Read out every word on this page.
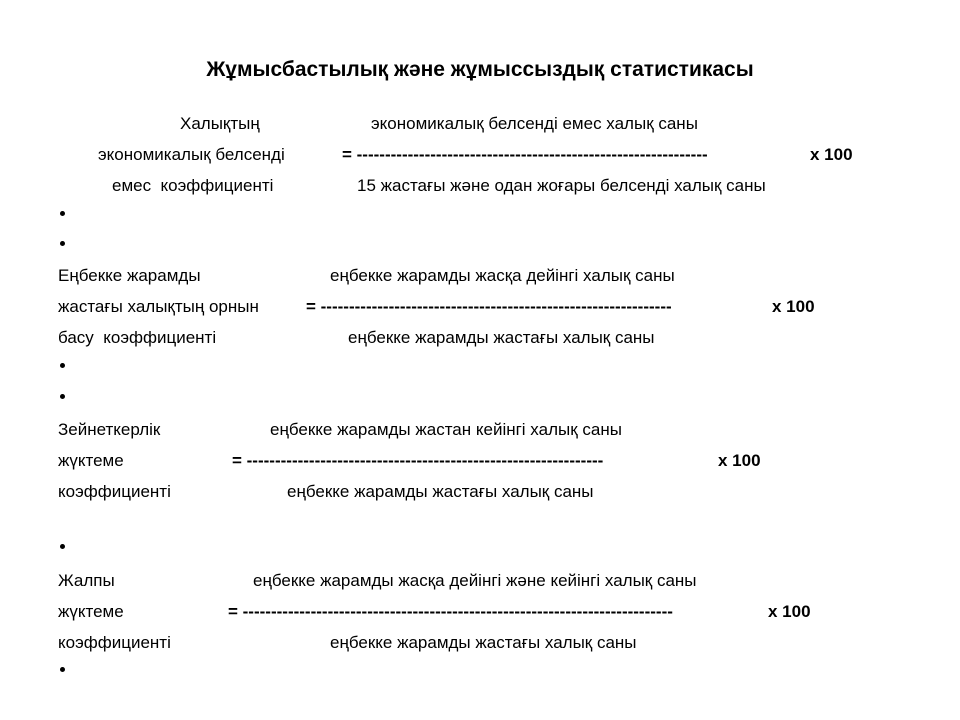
Жұмысбастылық және жұмыссыздық статистикасы
Халықтың	экономикалық белсенді емес халық саны
экономикалық белсенді	= --------------------------------------------------------------	х 100
емес  коэффициенті	15 жастағы және одан жоғары белсенді халық саны
Еңбекке жарамды	еңбекке жарамды жасқа дейінгі халық саны
жастағы халықтың орнын	= --------------------------------------------------------------	х 100
басу  коэффициенті	еңбекке жарамды жастағы халық саны
Зейнеткерлік	еңбекке жарамды жастан кейінгі халық саны
жүктеме	= ---------------------------------------------------------------	х 100
коэффициенті	еңбекке жарамды жастағы халық саны
Жалпы	еңбекке жарамды жасқа дейінгі және кейінгі халық саны
жүктеме	= ----------------------------------------------------------------------------	х 100
коэффициенті	еңбекке жарамды жастағы халық саны
